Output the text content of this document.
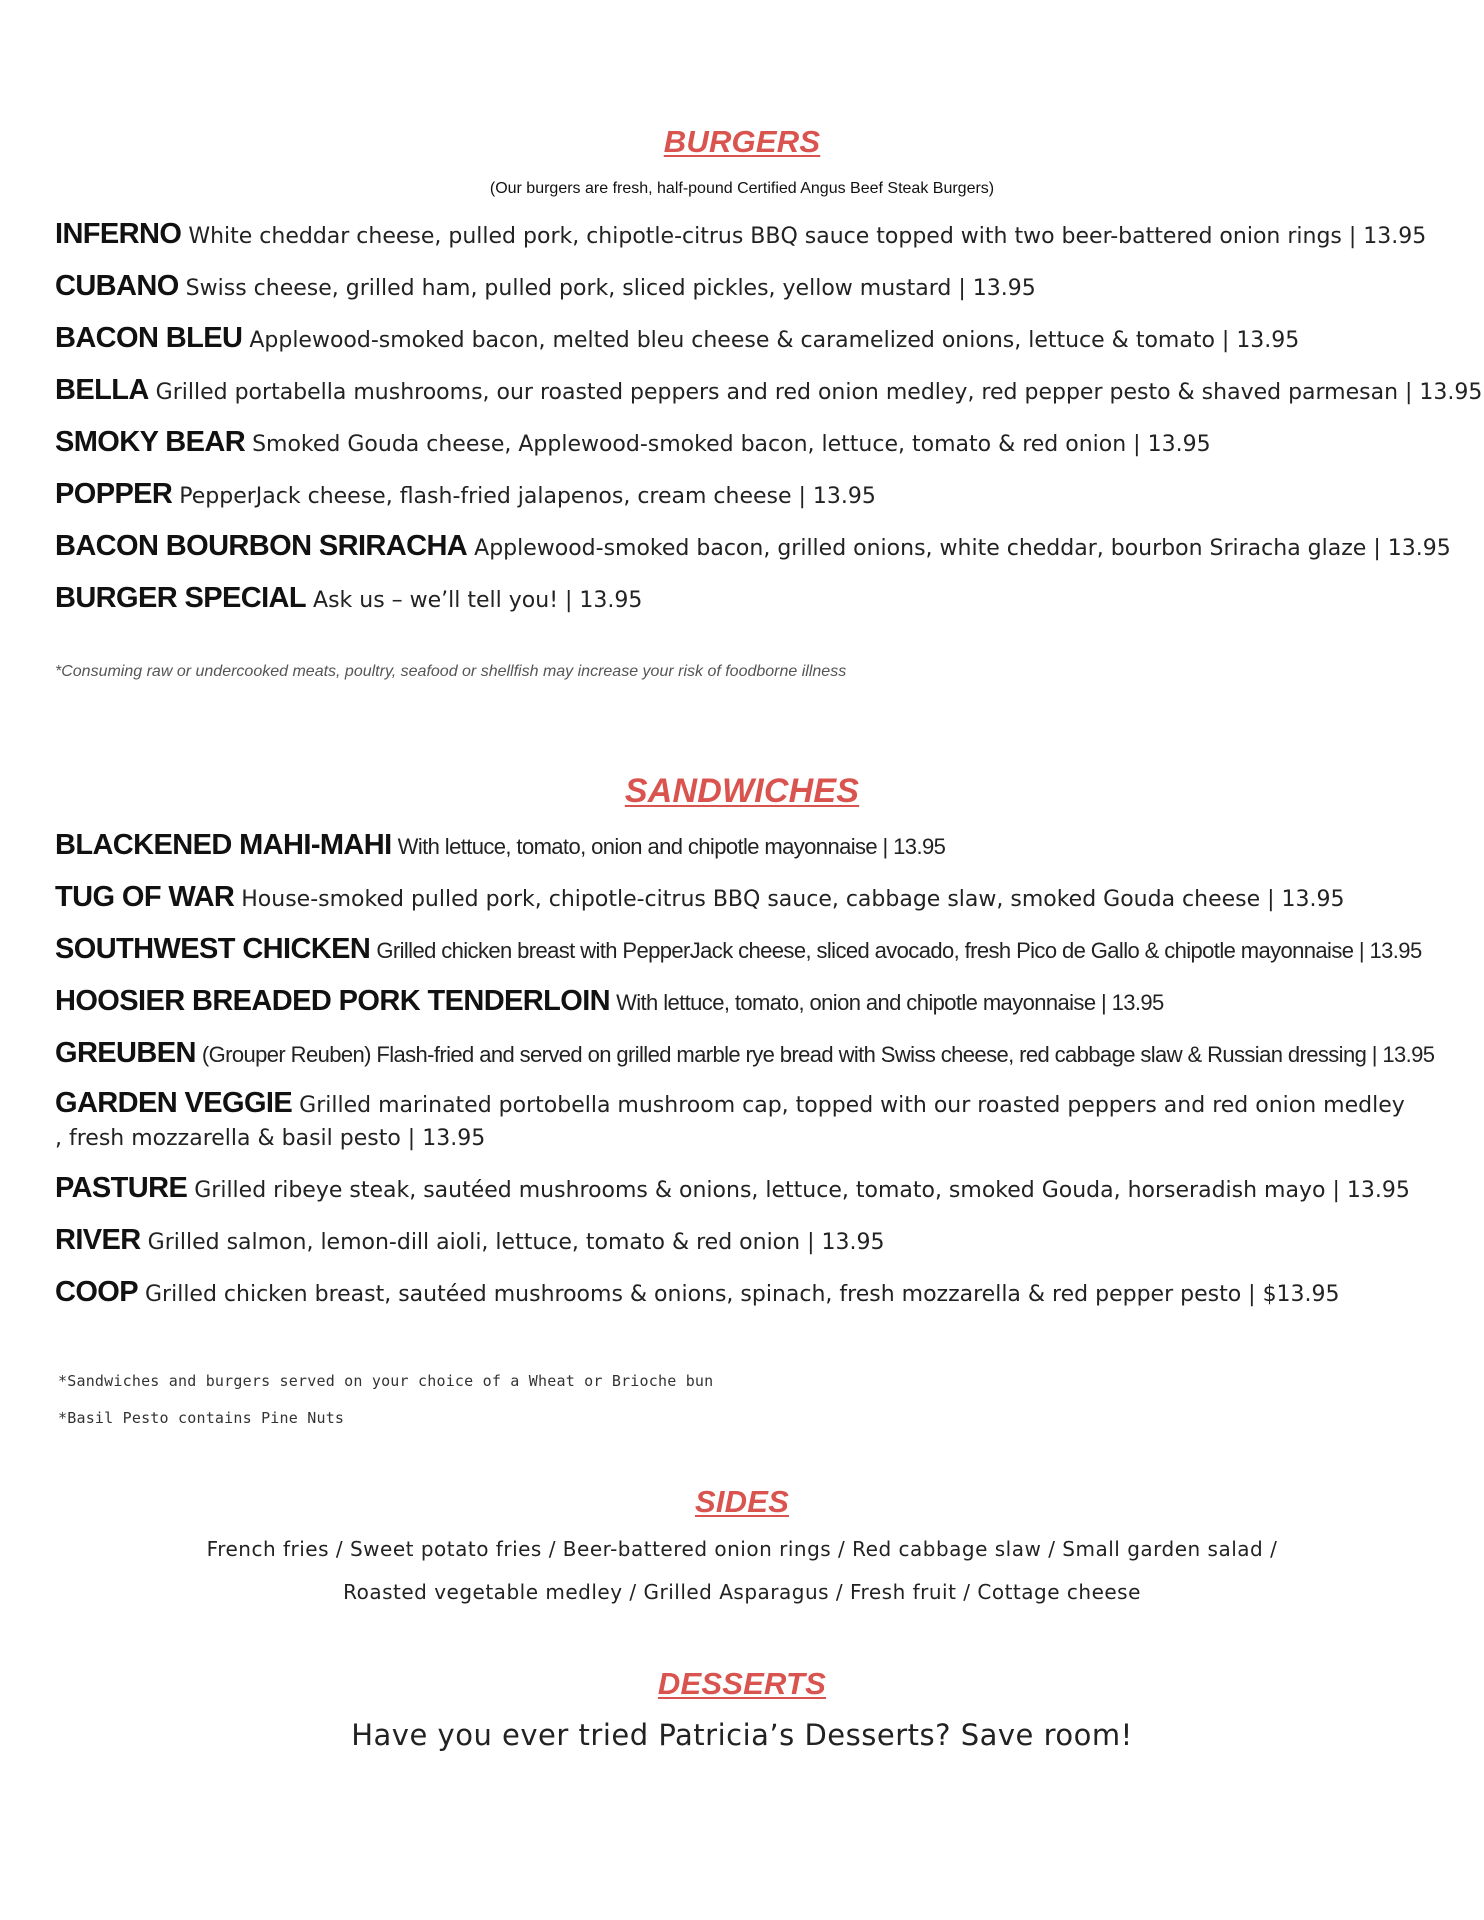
BURGERS
(Our burgers are fresh, half-pound Certified Angus Beef Steak Burgers)
INFERNO White cheddar cheese, pulled pork, chipotle-citrus BBQ sauce topped with two beer-battered onion rings | 13.95
CUBANO Swiss cheese, grilled ham, pulled pork, sliced pickles, yellow mustard | 13.95
BACON BLEU Applewood-smoked bacon, melted bleu cheese & caramelized onions, lettuce & tomato | 13.95
BELLA Grilled portabella mushrooms, our roasted peppers and red onion medley, red pepper pesto & shaved parmesan | 13.95
SMOKY BEAR Smoked Gouda cheese, Applewood-smoked bacon, lettuce, tomato & red onion | 13.95
POPPER PepperJack cheese, flash-fried jalapenos, cream cheese | 13.95
BACON BOURBON SRIRACHA Applewood-smoked bacon, grilled onions, white cheddar, bourbon Sriracha glaze | 13.95
BURGER SPECIAL Ask us – we’ll tell you! | 13.95
*Consuming raw or undercooked meats, poultry, seafood or shellfish may increase your risk of foodborne illness
SANDWICHES
BLACKENED MAHI-MAHI With lettuce, tomato, onion and chipotle mayonnaise | 13.95
TUG OF WAR House-smoked pulled pork, chipotle-citrus BBQ sauce, cabbage slaw, smoked Gouda cheese | 13.95
SOUTHWEST CHICKEN Grilled chicken breast with PepperJack cheese, sliced avocado, fresh Pico de Gallo & chipotle mayonnaise | 13.95
HOOSIER BREADED PORK TENDERLOIN With lettuce, tomato, onion and chipotle mayonnaise | 13.95
GREUBEN (Grouper Reuben) Flash-fried and served on grilled marble rye bread with Swiss cheese, red cabbage slaw & Russian dressing | 13.95
GARDEN VEGGIE Grilled marinated portobella mushroom cap, topped with our roasted peppers and red onion medley , fresh mozzarella & basil pesto | 13.95
PASTURE Grilled ribeye steak, sautéed mushrooms & onions, lettuce, tomato, smoked Gouda, horseradish mayo | 13.95
RIVER Grilled salmon, lemon-dill aioli, lettuce, tomato & red onion | 13.95
COOP Grilled chicken breast, sautéed mushrooms & onions, spinach, fresh mozzarella & red pepper pesto | $13.95
*Sandwiches and burgers served on your choice of a Wheat or Brioche bun
*Basil Pesto contains Pine Nuts
SIDES
French fries / Sweet potato fries / Beer-battered onion rings / Red cabbage slaw / Small garden salad /
Roasted vegetable medley / Grilled Asparagus / Fresh fruit / Cottage cheese
DESSERTS
Have you ever tried Patricia’s Desserts? Save room!
